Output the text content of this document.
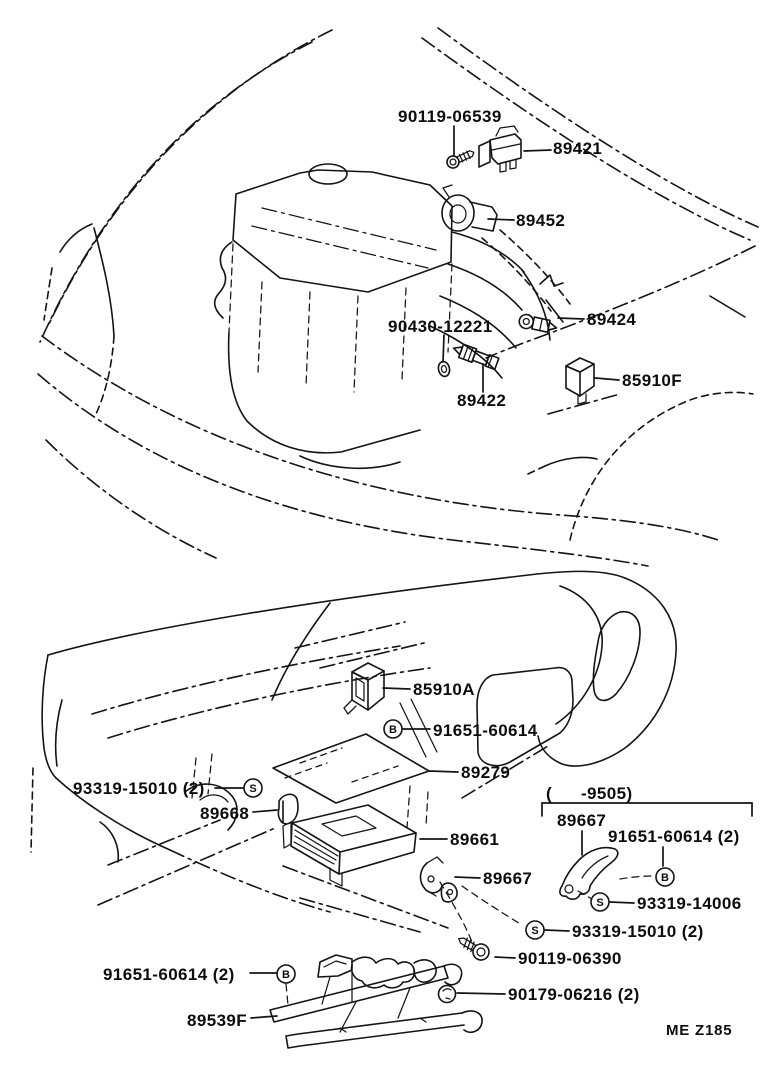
B
S
B
S
S
B
90119-06539
89421
89452
90430-12221	89424
85910F
89422
85910A
91651-60614
89279
93319-15010 (2)
89668
89661
89667
( -9505)
89667
91651-60614 (2)
93319-14006
93319-15010 (2)
90119-06390
90179-06216 (2)
91651-60614 (2)
89539F
ME Z185
